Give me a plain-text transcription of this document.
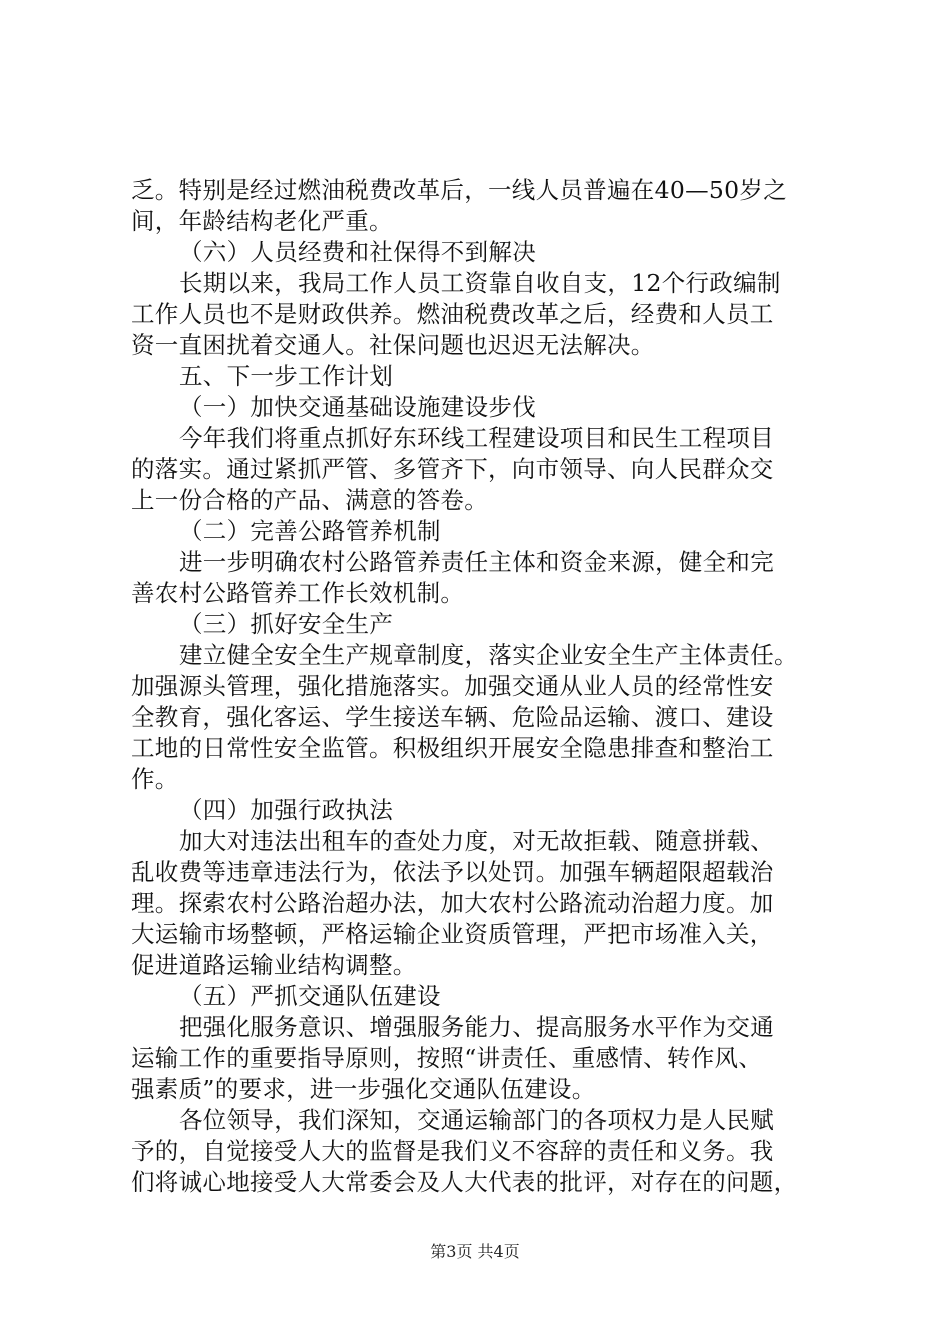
乏。特别是经过燃油税费改革后，一线人员普遍在40—50岁之
间，年龄结构老化严重。
（六）人员经费和社保得不到解决
长期以来，我局工作人员工资靠自收自支，12个行政编制
工作人员也不是财政供养。燃油税费改革之后，经费和人员工
资一直困扰着交通人。社保问题也迟迟无法解决。
五、下一步工作计划
（一）加快交通基础设施建设步伐
今年我们将重点抓好东环线工程建设项目和民生工程项目
的落实。通过紧抓严管、多管齐下，向市领导、向人民群众交
上一份合格的产品、满意的答卷。
（二）完善公路管养机制
进一步明确农村公路管养责任主体和资金来源，健全和完
善农村公路管养工作长效机制。
（三）抓好安全生产
建立健全安全生产规章制度，落实企业安全生产主体责任。
加强源头管理，强化措施落实。加强交通从业人员的经常性安
全教育，强化客运、学生接送车辆、危险品运输、渡口、建设
工地的日常性安全监管。积极组织开展安全隐患排查和整治工
作。
（四）加强行政执法
加大对违法出租车的查处力度，对无故拒载、随意拼载、
乱收费等违章违法行为，依法予以处罚。加强车辆超限超载治
理。探索农村公路治超办法，加大农村公路流动治超力度。加
大运输市场整顿，严格运输企业资质管理，严把市场准入关，
促进道路运输业结构调整。
（五）严抓交通队伍建设
把强化服务意识、增强服务能力、提高服务水平作为交通
运输工作的重要指导原则，按照“讲责任、重感情、转作风、
强素质”的要求，进一步强化交通队伍建设。
各位领导，我们深知，交通运输部门的各项权力是人民赋
予的，自觉接受人大的监督是我们义不容辞的责任和义务。我
们将诚心地接受人大常委会及人大代表的批评，对存在的问题，
第3页 共4页
